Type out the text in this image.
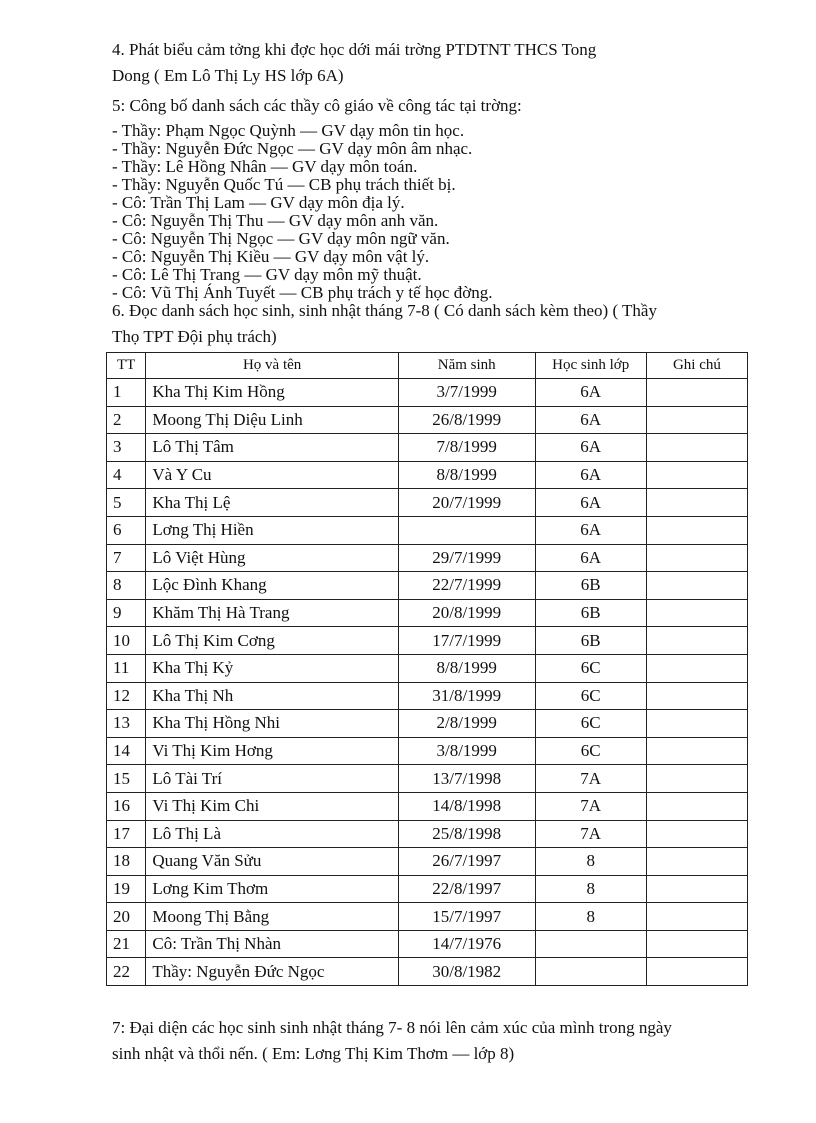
4. Phát biểu cảm tởng khi đợc học dới mái trờng PTDTNT THCS Tong
Dong ( Em Lô Thị Ly HS lớp 6A)

5: Công bố danh sách các thầy cô giáo về công tác tại trờng:

- Thầy: Phạm Ngọc Quỳnh — GV dạy môn tin học.
- Thầy: Nguyễn Đức Ngọc — GV dạy môn âm nhạc.
- Thầy: Lê Hồng Nhân — GV dạy môn toán.
- Thầy: Nguyễn Quốc Tú — CB phụ trách thiết bị.
- Cô: Trần Thị Lam — GV dạy môn địa lý.
- Cô: Nguyễn Thị Thu — GV dạy môn anh văn.
- Cô: Nguyễn Thị Ngọc — GV dạy môn ngữ văn.
- Cô: Nguyễn Thị Kiều — GV dạy môn vật lý.
- Cô: Lê Thị Trang — GV dạy môn mỹ thuật.
- Cô: Vũ Thị Ánh Tuyết — CB phụ trách y tế học đờng.

6. Đọc danh sách học sinh, sinh nhật tháng 7-8 ( Có danh sách kèm theo) ( Thầy
Thọ TPT Đội phụ trách)

TT	Họ và tên	Năm sinh	Học sinh lớp	Ghi chú
1	Kha Thị Kim Hồng	3/7/1999	6A	
2	Moong Thị Diệu Linh	26/8/1999	6A	
3	Lô Thị Tâm	7/8/1999	6A	
4	Và Y Cu	8/8/1999	6A	
5	Kha Thị Lệ	20/7/1999	6A	
6	Lơng Thị Hiền		6A	
7	Lô Việt Hùng	29/7/1999	6A	
8	Lộc Đình Khang	22/7/1999	6B	
9	Khăm Thị Hà Trang	20/8/1999	6B	
10	Lô Thị Kim Cơng	17/7/1999	6B	
11	Kha Thị Kỷ	8/8/1999	6C	
12	Kha Thị Nh	31/8/1999	6C	
13	Kha Thị Hồng Nhi	2/8/1999	6C	
14	Vi Thị Kim Hơng	3/8/1999	6C	
15	Lô Tài Trí	13/7/1998	7A	
16	Vi Thị Kim Chi	14/8/1998	7A	
17	Lô Thị Là	25/8/1998	7A	
18	Quang Văn Sửu	26/7/1997	8	
19	Lơng Kim Thơm	22/8/1997	8	
20	Moong Thị Bằng	15/7/1997	8	
21	Cô: Trần Thị Nhàn	14/7/1976		
22	Thầy: Nguyễn Đức Ngọc	30/8/1982		

7: Đại diện các học sinh sinh nhật tháng 7- 8 nói lên cảm xúc của mình trong ngày
sinh nhật và thổi nến. ( Em: Lơng Thị Kim Thơm — lớp 8)
